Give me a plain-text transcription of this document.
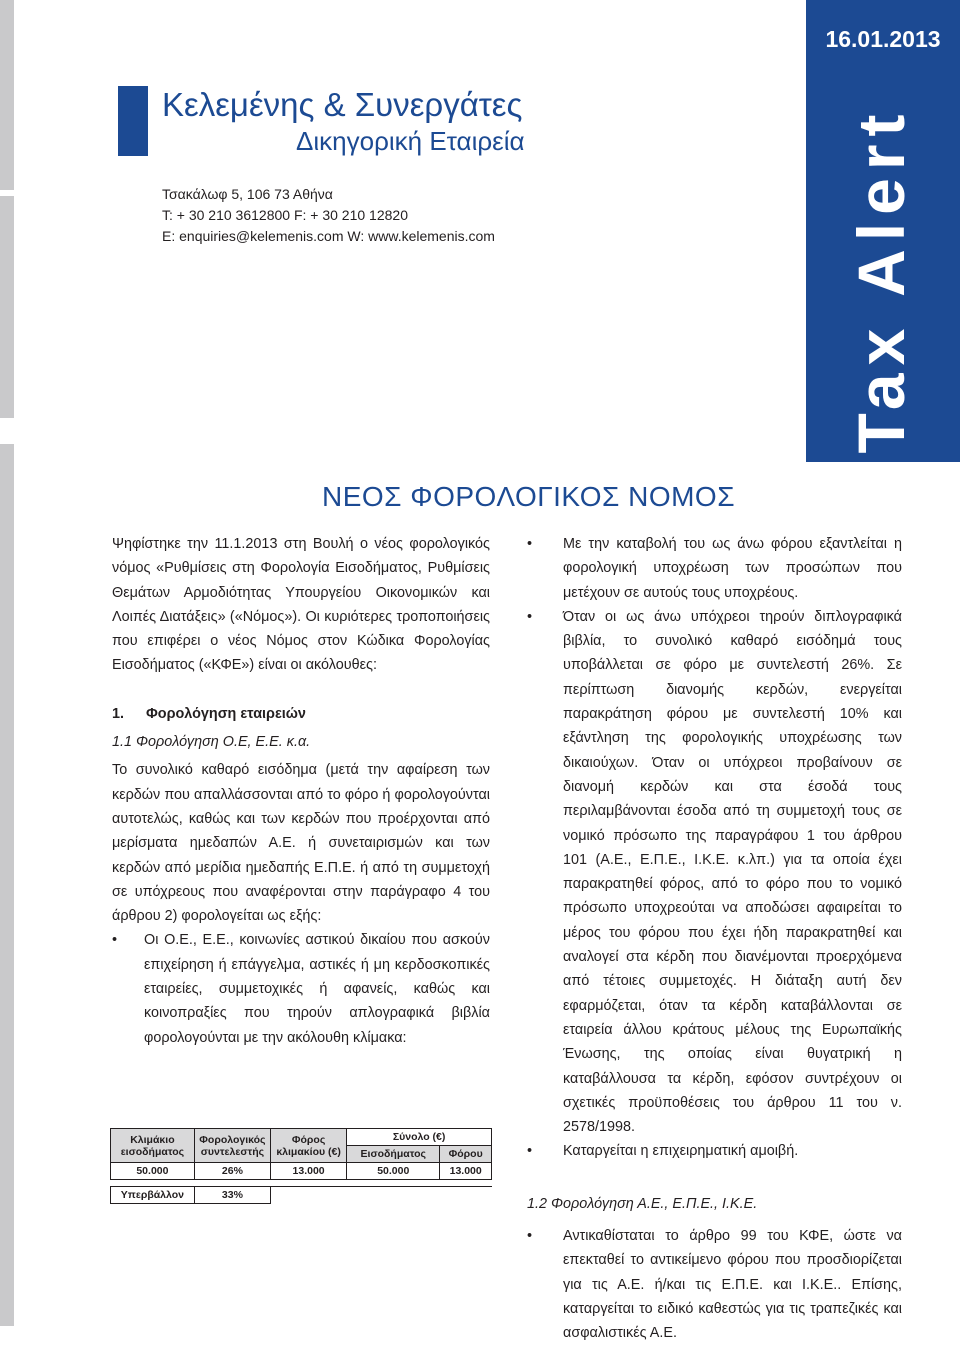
16.01.2013
Tax Alert
Κελεμένης & Συνεργάτες
Δικηγορική Εταιρεία
Τσακάλωφ 5, 106 73 Αθήνα
T: + 30 210 3612800 F: + 30 210 12820
E: enquiries@kelemenis.com W: www.kelemenis.com
ΝΕΟΣ ΦΟΡΟΛΟΓΙΚΟΣ ΝΟΜΟΣ

Ψηφίστηκε την 11.1.2013 στη Βουλή ο νέος φορολογικός νόμος «Ρυθμίσεις στη Φορολογία Εισοδήματος, Ρυθμίσεις Θεμάτων Αρμοδιότητας Υπουργείου Οικονομικών και Λοιπές Διατάξεις» («Νόμος»). Οι κυριότερες τροποποιήσεις που επιφέρει ο νέος Νόμος στον Κώδικα Φορολογίας Εισοδήματος («ΚΦΕ») είναι οι ακόλουθες:

1. Φορολόγηση εταιρειών

1.1 Φορολόγηση Ο.Ε, Ε.Ε. κ.α.

Το συνολικό καθαρό εισόδημα (μετά την αφαίρεση των κερδών που απαλλάσσονται από το φόρο ή φορολογούνται αυτοτελώς, καθώς και των κερδών που προέρχονται από μερίσματα ημεδαπών Α.Ε. ή συνεταιρισμών και των κερδών από μερίδια ημεδαπής Ε.Π.Ε. ή από τη συμμετοχή σε υπόχρεους που αναφέρονται στην παράγραφο 4 του άρθρου 2) φορολογείται ως εξής:

•	Οι Ο.Ε., Ε.Ε., κοινωνίες αστικού δικαίου που ασκούν επιχείρηση ή επάγγελμα, αστικές ή μη κερδοσκοπικές εταιρείες, συμμετοχικές ή αφανείς, καθώς και κοινοπραξίες που τηρούν απλογραφικά βιβλία φορολογούνται με την ακόλουθη κλίμακα:
Κλιμάκιο εισοδήματος	Φορολογικός συντελεστής	Φόρος κλιμακίου (€)	Σύνολο (€)	
			Εισοδήματος	Φόρου
50.000	26%	13.000	50.000	13.000

Υπερβάλλον	33%			
•	Με την καταβολή του ως άνω φόρου εξαντλείται η φορολογική υποχρέωση των προσώπων που μετέχουν σε αυτούς τους υποχρέους.
•	Όταν οι ως άνω υπόχρεοι τηρούν διπλογραφικά βιβλία, το συνολικό καθαρό εισόδημά τους υποβάλλεται σε φόρο με συντελεστή 26%. Σε περίπτωση διανομής κερδών, ενεργείται παρακράτηση φόρου με συντελεστή 10% και εξάντληση της φορολογικής υποχρέωσης των δικαιούχων. Όταν οι υπόχρεοι προβαίνουν σε διανομή κερδών και στα έσοδά τους περιλαμβάνονται έσοδα από τη συμμετοχή τους σε νομικό πρόσωπο της παραγράφου 1 του άρθρου 101 (Α.Ε., Ε.Π.Ε., Ι.Κ.Ε. κ.λπ.) για τα οποία έχει παρακρατηθεί φόρος, από το φόρο που το νομικό πρόσωπο υποχρεούται να αποδώσει αφαιρείται το μέρος του φόρου που έχει ήδη παρακρατηθεί και αναλογεί στα κέρδη που διανέμονται προερχόμενα από τέτοιες συμμετοχές. Η διάταξη αυτή δεν εφαρμόζεται, όταν τα κέρδη καταβάλλονται σε εταιρεία άλλου κράτους μέλους της Ευρωπαϊκής Ένωσης, της οποίας είναι θυγατρική η καταβάλλουσα τα κέρδη, εφόσον συντρέχουν οι σχετικές προϋποθέσεις του άρθρου 11 του ν. 2578/1998.
•	Καταργείται η επιχειρηματική αμοιβή.

1.2 Φορολόγηση Α.Ε., Ε.Π.Ε., Ι.Κ.Ε.

•	Αντικαθίσταται το άρθρο 99 του ΚΦΕ, ώστε να επεκταθεί το αντικείμενο φόρου που προσδιορίζεται για τις Α.Ε. ή/και τις Ε.Π.Ε. και Ι.Κ.Ε.. Επίσης, καταργείται το ειδικό καθεστώς για τις τραπεζικές και ασφαλιστικές Α.Ε.
